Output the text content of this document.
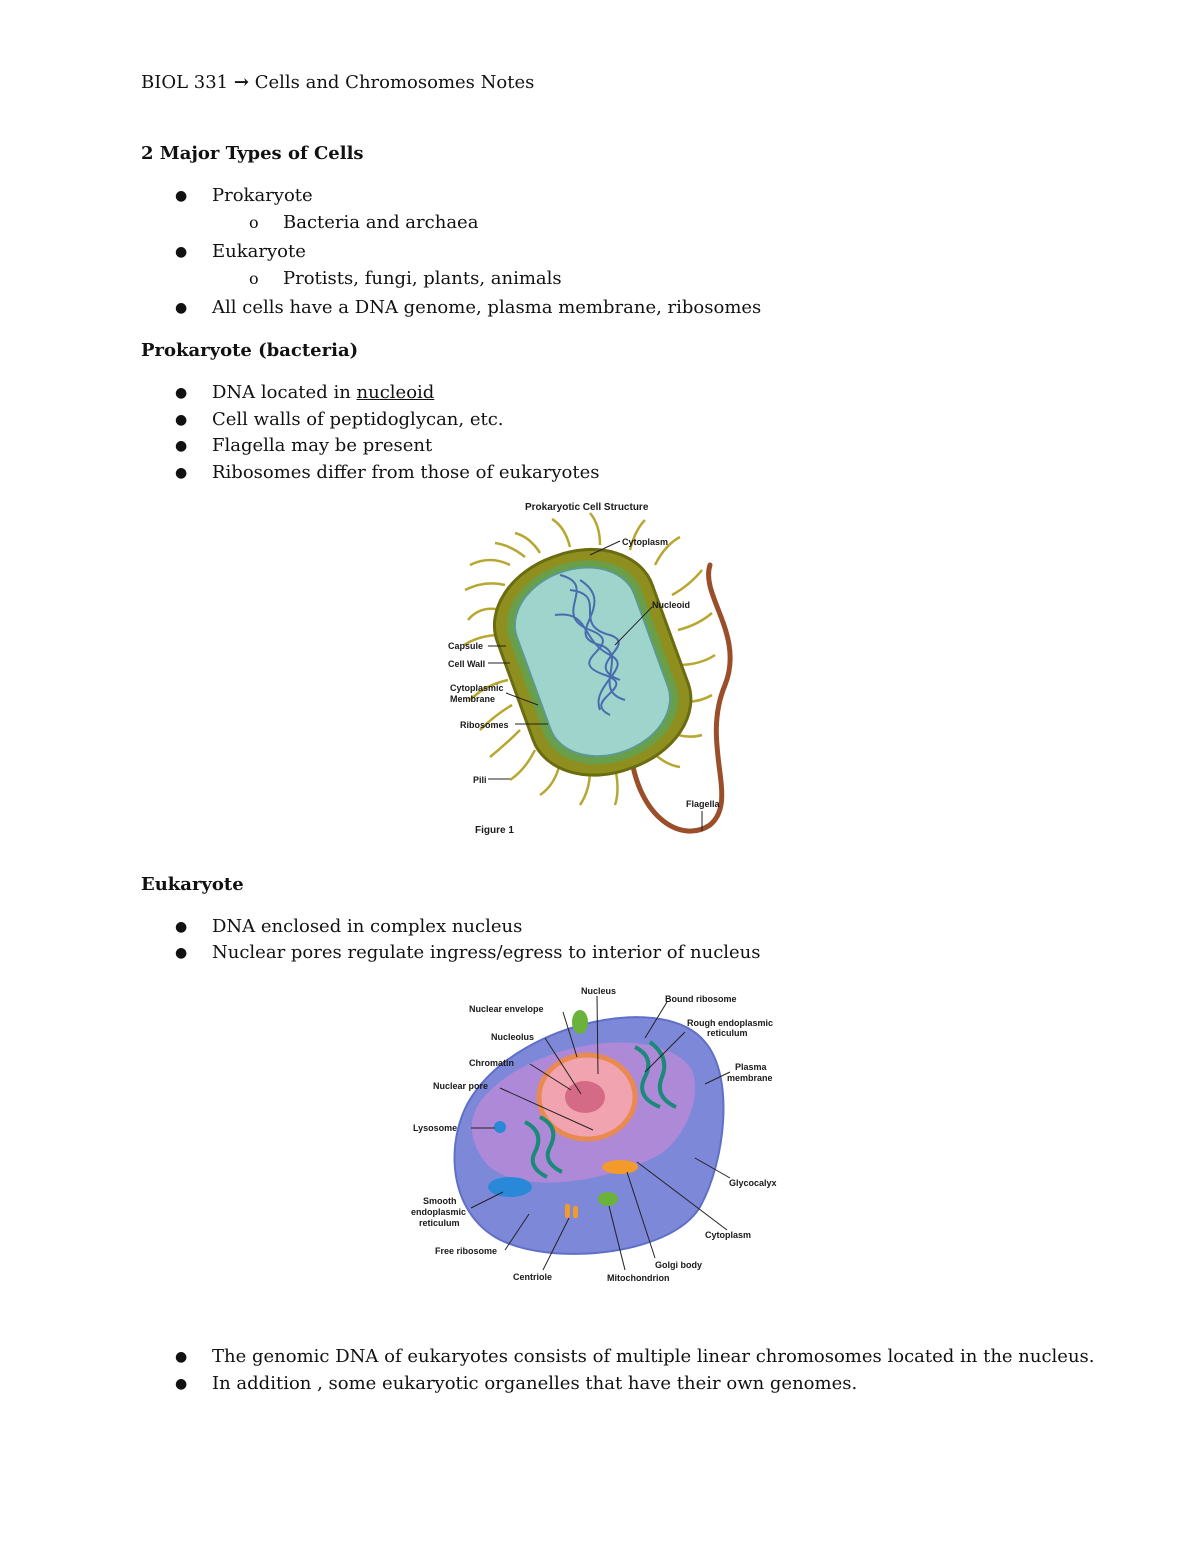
BIOL 331 → Cells and Chromosomes Notes
2 Major Types of Cells
● Prokaryote
o Bacteria and archaea
● Eukaryote
o Protists, fungi, plants, animals
● All cells have a DNA genome, plasma membrane, ribosomes
Prokaryote (bacteria)
● DNA located in nucleoid
● Cell walls of peptidoglycan, etc.
● Flagella may be present
● Ribosomes differ from those of eukaryotes
Prokaryotic Cell Structure
Cytoplasm
Nucleoid
Capsule
Cell Wall
Cytoplasmic
Membrane
Ribosomes
Pili
Flagella
Figure 1
Eukaryote
● DNA enclosed in complex nucleus
● Nuclear pores regulate ingress/egress to interior of nucleus
Nucleus
Nuclear envelope
Nucleolus
Chromatin
Nuclear pore
Lysosome
Smooth
endoplasmic
reticulum
Free ribosome
Centriole	Mitochondrion
Golgi body
Cytoplasm
Glycocalyx
Plasma
membrane
Rough endoplasmic
reticulum
Bound ribosome
● The genomic DNA of eukaryotes consists of multiple linear chromosomes located in the nucleus.
● In addition , some eukaryotic organelles that have their own genomes.
